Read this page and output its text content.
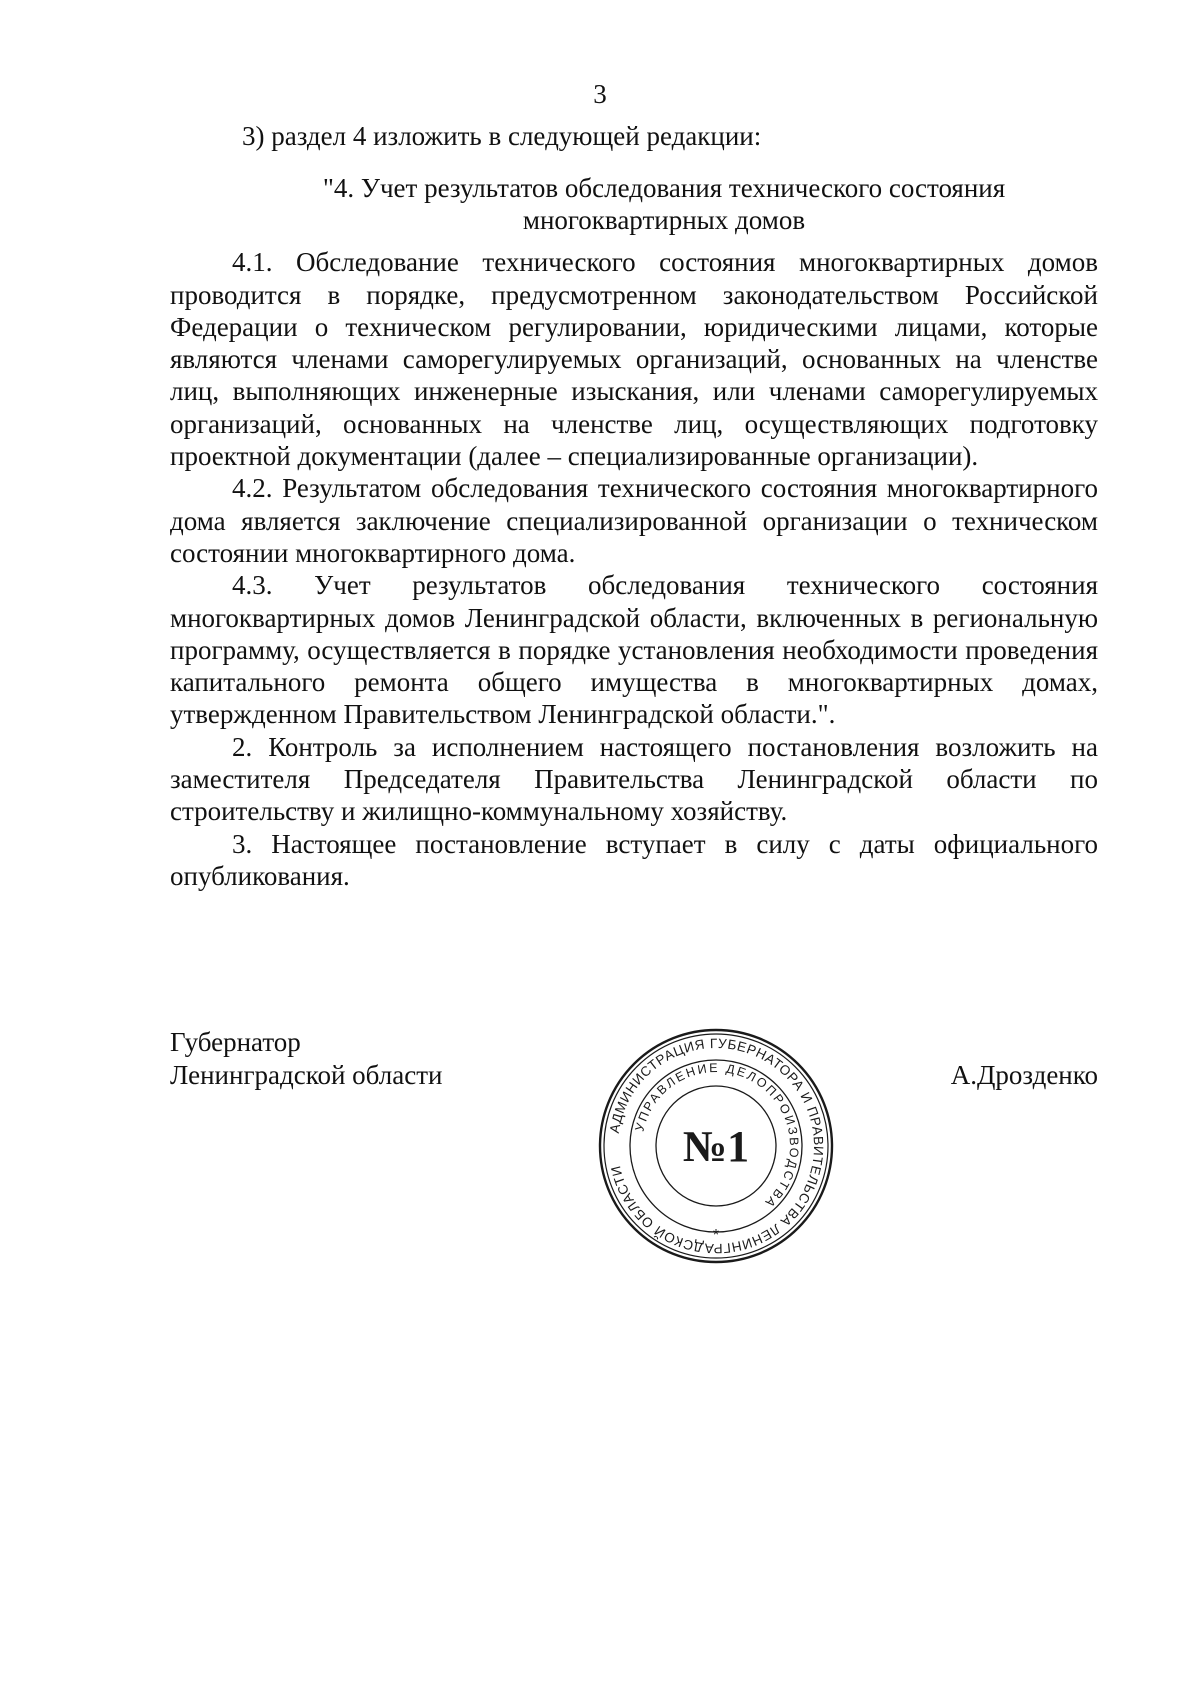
3

3) раздел 4 изложить в следующей редакции:

"4. Учет результатов обследования технического состояния
многоквартирных домов

4.1. Обследование технического состояния многоквартирных домов проводится в порядке, предусмотренном законодательством Российской Федерации о техническом регулировании, юридическими лицами, которые являются членами саморегулируемых организаций, основанных на членстве лиц, выполняющих инженерные изыскания, или членами саморегулируемых организаций, основанных на членстве лиц, осуществляющих подготовку проектной документации (далее – специализированные организации).

4.2. Результатом обследования технического состояния многоквартирного дома является заключение специализированной организации о техническом состоянии многоквартирного дома.

4.3. Учет результатов обследования технического состояния многоквартирных домов Ленинградской области, включенных в региональную программу, осуществляется в порядке установления необходимости проведения капитального ремонта общего имущества в многоквартирных домах, утвержденном Правительством Ленинградской области.".

2. Контроль за исполнением настоящего постановления возложить на заместителя Председателя Правительства Ленинградской области по строительству и жилищно-коммунальному хозяйству.

3. Настоящее постановление вступает в силу с даты официального опубликования.

Губернатор
Ленинградской области
АДМИНИСТРАЦИЯ ГУБЕРНАТОРА И ПРАВИТЕЛЬСТВА ЛЕНИНГРАДСКОЙ ОБЛАСТИ
УПРАВЛЕНИЕ ДЕЛОПРОИЗВОДСТВА
№1
*
А.Дрозденко
